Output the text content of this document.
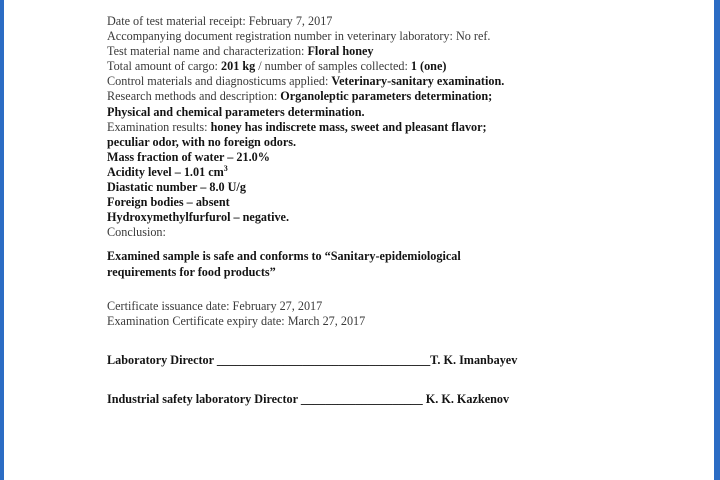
Date of test material receipt: February 7, 2017
Accompanying document registration number in veterinary laboratory: No ref.
Test material name and characterization: Floral honey
Total amount of cargo: 201 kg / number of samples collected: 1 (one)
Control materials and diagnosticums applied: Veterinary-sanitary examination.
Research methods and description: Organoleptic parameters determination;
Physical and chemical parameters determination.
Examination results: honey has indiscrete mass, sweet and pleasant flavor;
peculiar odor, with no foreign odors.
Mass fraction of water – 21.0%
Acidity level – 1.01 $cm^3$
Diastatic number – 8.0 U/g
Foreign bodies – absent
Hydroxymethylfurfurol – negative.
Conclusion:
Examined sample is safe and conforms to “Sanitary-epidemiological
requirements for food products”
Certificate issuance date: February 27, 2017
Examination Certificate expiry date: March 27, 2017
Laboratory Director ___________________________________T. K. Imanbayev
Industrial safety laboratory Director ____________________ K. K. Kazkenov
